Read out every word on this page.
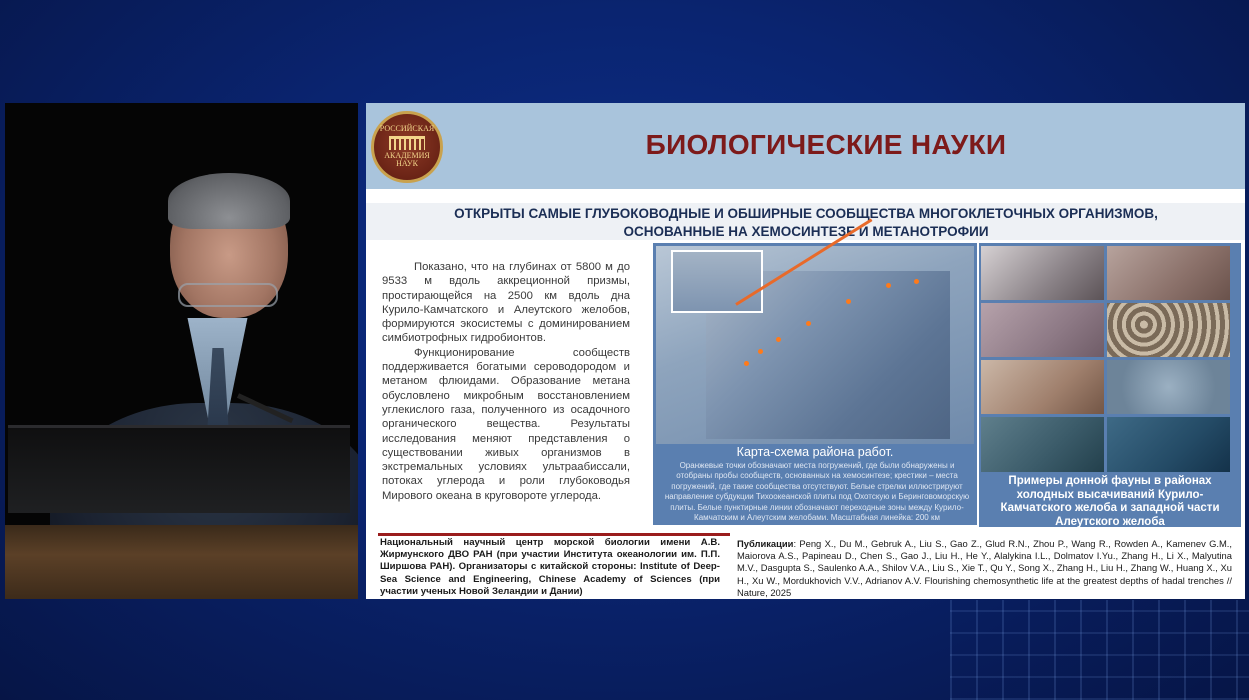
РОССИЙСКАЯ
АКАДЕМИЯ
НАУК
БИОЛОГИЧЕСКИЕ НАУКИ
ОТКРЫТЫ САМЫЕ ГЛУБОКОВОДНЫЕ И ОБШИРНЫЕ СООБЩЕСТВА МНОГОКЛЕТОЧНЫХ ОРГАНИЗМОВ, ОСНОВАННЫЕ НА ХЕМОСИНТЕЗЕ И МЕТАНОТРОФИИ

Показано, что на глубинах от 5800 м до 9533 м вдоль аккреционной призмы, простирающейся на 2500 км вдоль дна Курило-Камчатского и Алеутского желобов, формируются экосистемы с доминированием симбиотрофных гидробионтов.

Функционирование сообществ поддерживается богатыми сероводородом и метаном флюидами. Образование метана обусловлено микробным восстановлением углекислого газа, полученного из осадочного органического вещества. Результаты исследования меняют представления о существовании живых организмов в экстремальных условиях ультраабиссали, потоках углерода и роли глубоководья Мирового океана в круговороте углерода.

Карта-схема района работ.
Оранжевые точки обозначают места погружений, где были обнаружены и отобраны пробы сообществ, основанных на хемосинтезе; крестики – места погружений, где такие сообщества отсутствуют. Белые стрелки иллюстрируют направление субдукции Тихоокеанской плиты под Охотскую и Беринговоморскую плиты. Белые пунктирные линии обозначают переходные зоны между Курило-Камчатским и Алеутским желобами. Масштабная линейка: 200 км
Примеры донной фауны в районах холодных высачиваний Курило-Камчатского желоба и западной части Алеутского желоба
Национальный научный центр морской биологии имени А.В. Жирмунского ДВО РАН (при участии Института океанологии им. П.П. Ширшова РАН). Организаторы с китайской стороны: Institute of Deep-Sea Science and Engineering, Chinese Academy of Sciences (при участии ученых Новой Зеландии и Дании)
Публикации: Peng X., Du M., Gebruk A., Liu S., Gao Z., Glud R.N., Zhou P., Wang R., Rowden A., Kamenev G.M., Maiorova A.S., Papineau D., Chen S., Gao J., Liu H., He Y., Alalykina I.L., Dolmatov I.Yu., Zhang H., Li X., Malyutina M.V., Dasgupta S., Saulenko A.A., Shilov V.A., Liu S., Xie T., Qu Y., Song X., Zhang H., Liu H., Zhang W., Huang X., Xu H., Xu W., Mordukhovich V.V., Adrianov A.V. Flourishing chemosynthetic life at the greatest depths of hadal trenches // Nature, 2025
